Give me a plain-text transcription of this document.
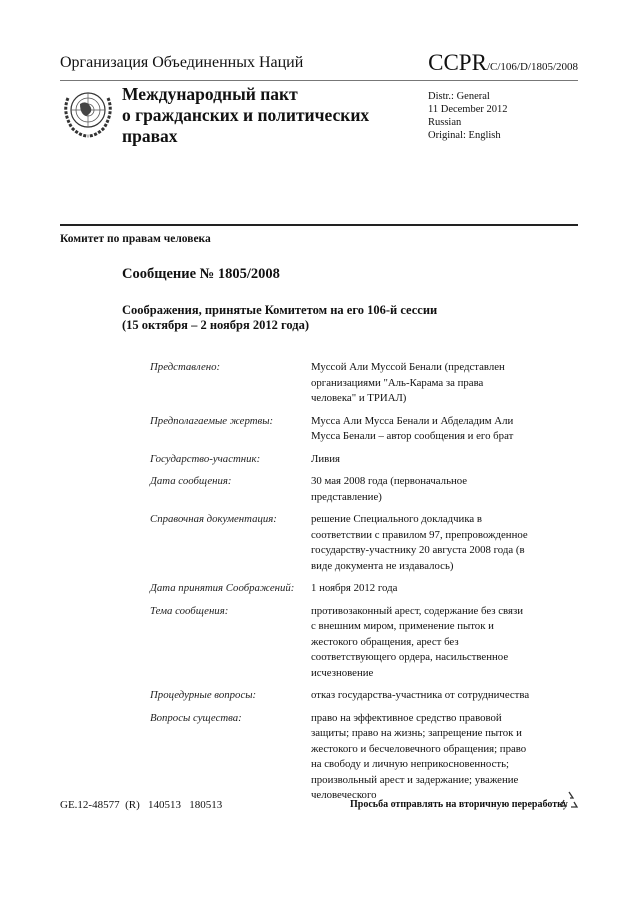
Организация Объединенных Наций	CCPR/C/106/D/1805/2008
Международный пакт
о гражданских и политических
правах
Distr.: General
11 December 2012
Russian
Original: English
Комитет по правам человека
Сообщение № 1805/2008
Соображения, принятые Комитетом на его 106-й сессии
(15 октября – 2 ноября 2012 года)
Представлено:	Муссой Али Муссой Бенали (представлен организациями "Аль-Карама за права человека" и ТРИАЛ)
Предполагаемые жертвы:	Мусса Али Мусса Бенали и Абделадим Али Мусса Бенали – автор сообщения и его брат
Государство-участник:	Ливия
Дата сообщения:	30 мая 2008 года (первоначальное представление)
Справочная документация:	решение Специального докладчика в соответствии с правилом 97, препровожденное государству-участнику 20 августа 2008 года (в виде документа не издавалось)
Дата принятия Соображений:	1 ноября 2012 года
Тема сообщения:	противозаконный арест, содержание без связи с внешним миром, применение пыток и жестокого обращения, арест без соответствующего ордера, насильственное исчезновение
Процедурные вопросы:	отказ государства-участника от сотрудничества
Вопросы существа:	право на эффективное средство правовой защиты; право на жизнь; запрещение пыток и жестокого и бесчеловечного обращения; право на свободу и личную неприкосновенность; произвольный арест и задержание; уважение человеческого
GE.12-48577  (R)   140513   180513	Просьба отправлять на вторичную переработку
